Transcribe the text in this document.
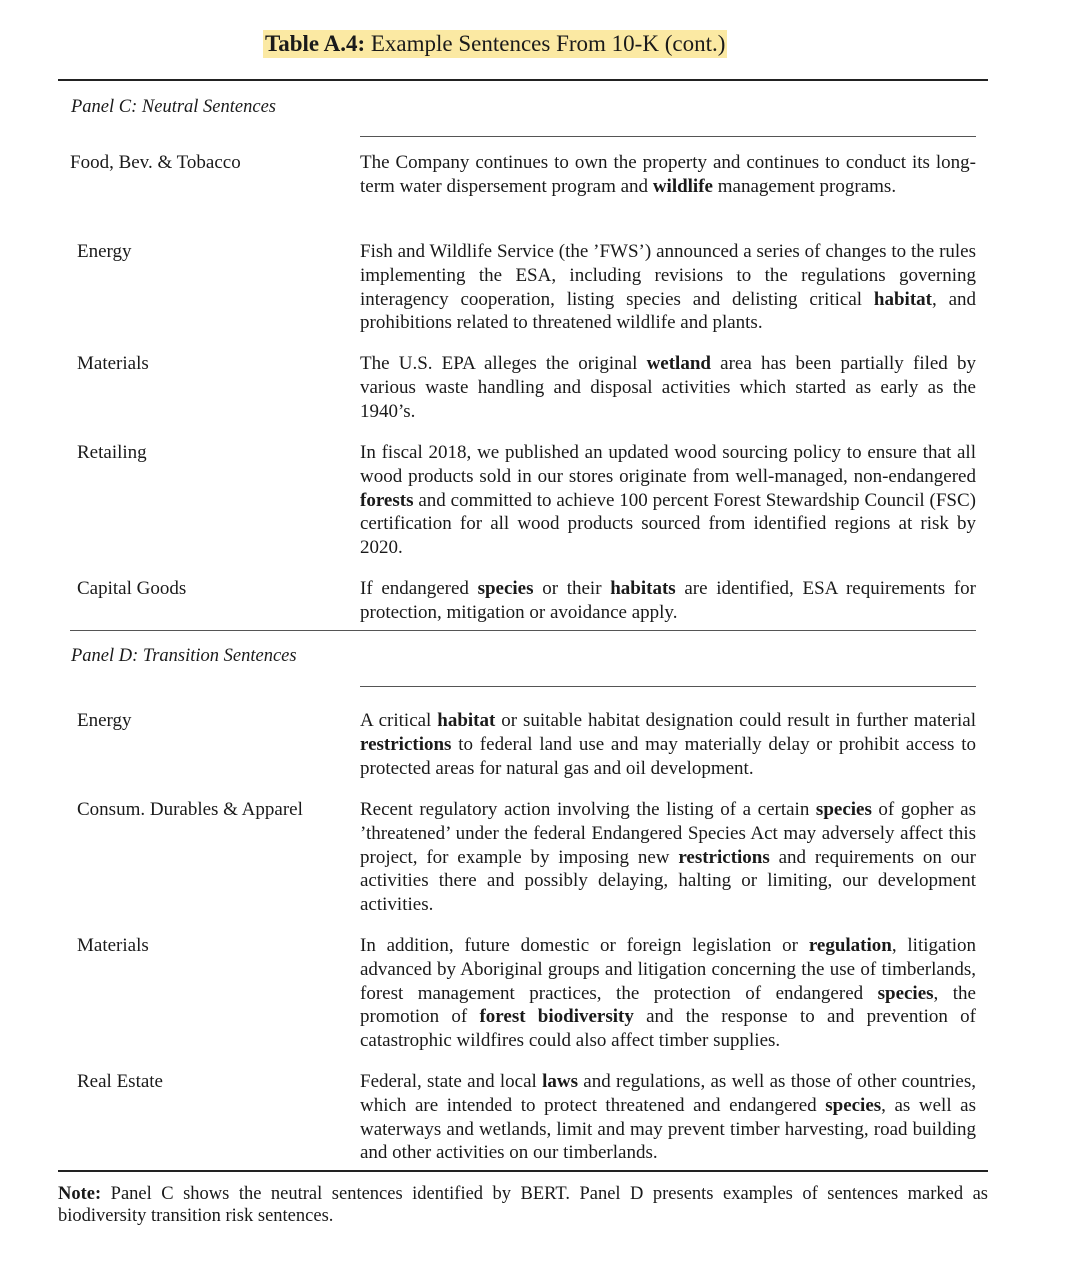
Table A.4: Example Sentences From 10-K (cont.)
Panel C: Neutral Sentences
Food, Bev. & Tobacco	The Company continues to own the property and continues to conduct its long-term water dispersement program and wildlife management programs.
Energy	Fish and Wildlife Service (the ’FWS’) announced a series of changes to the rules implementing the ESA, including revisions to the regulations governing interagency cooperation, listing species and delisting critical habitat, and prohibitions related to threatened wildlife and plants.
Materials	The U.S. EPA alleges the original wetland area has been partially filed by various waste handling and disposal activities which started as early as the 1940’s.
Retailing	In fiscal 2018, we published an updated wood sourcing policy to ensure that all wood products sold in our stores originate from well-managed, non-endangered forests and committed to achieve 100 percent Forest Stewardship Council (FSC) certification for all wood products sourced from identified regions at risk by 2020.
Capital Goods	If endangered species or their habitats are identified, ESA requirements for protection, mitigation or avoidance apply.
Panel D: Transition Sentences
Energy	A critical habitat or suitable habitat designation could result in further material restrictions to federal land use and may materially delay or prohibit access to protected areas for natural gas and oil development.
Consum. Durables & Apparel	Recent regulatory action involving the listing of a certain species of gopher as ’threatened’ under the federal Endangered Species Act may adversely affect this project, for example by imposing new restrictions and requirements on our activities there and possibly delaying, halting or limiting, our development activities.
Materials	In addition, future domestic or foreign legislation or regulation, litigation advanced by Aboriginal groups and litigation concerning the use of timberlands, forest management practices, the protection of endangered species, the promotion of forest biodiversity and the response to and prevention of catastrophic wildfires could also affect timber supplies.
Real Estate	Federal, state and local laws and regulations, as well as those of other countries, which are intended to protect threatened and endangered species, as well as waterways and wetlands, limit and may prevent timber harvesting, road building and other activities on our timberlands.
Note: Panel C shows the neutral sentences identified by BERT. Panel D presents examples of sentences marked as biodiversity transition risk sentences.
